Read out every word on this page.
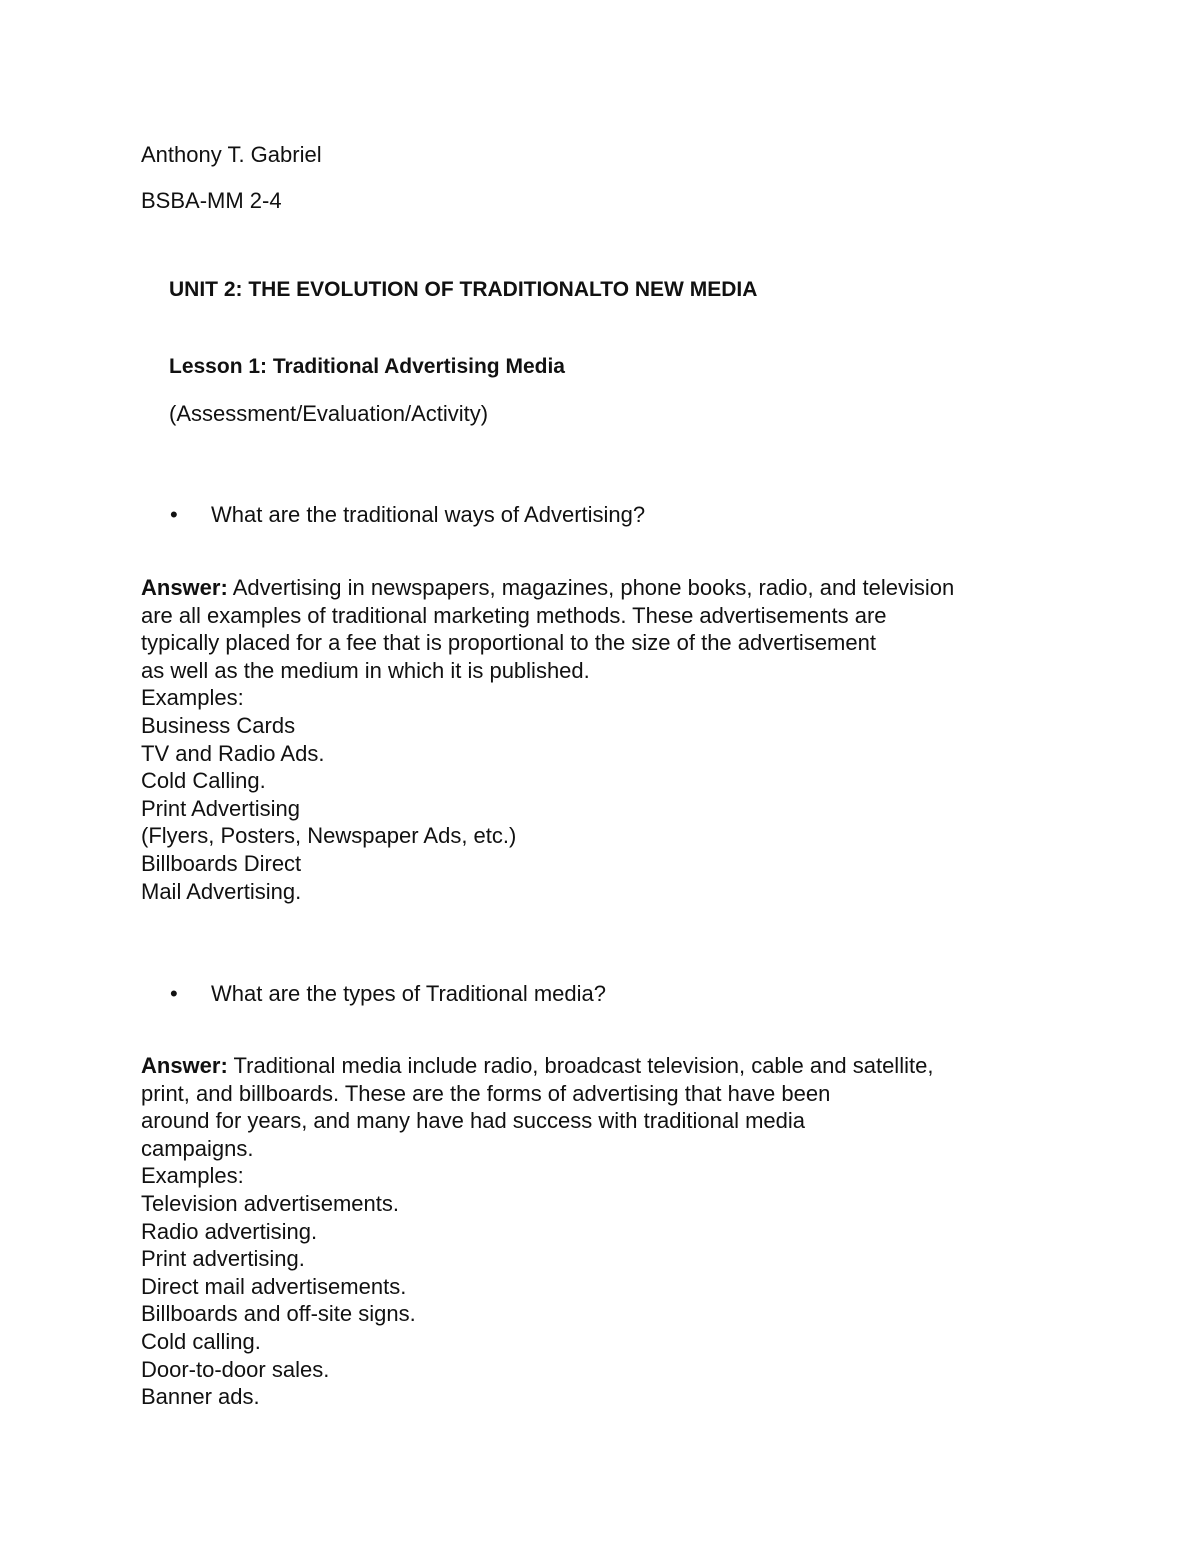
Anthony T. Gabriel
BSBA-MM 2-4
UNIT 2: THE EVOLUTION OF TRADITIONALTO NEW MEDIA
Lesson 1: Traditional Advertising Media
(Assessment/Evaluation/Activity)
• What are the traditional ways of Advertising?
Answer: Advertising in newspapers, magazines, phone books, radio, and television
are all examples of traditional marketing methods. These advertisements are
typically placed for a fee that is proportional to the size of the advertisement
as well as the medium in which it is published.
Examples:
Business Cards
TV and Radio Ads.
Cold Calling.
Print Advertising
(Flyers, Posters, Newspaper Ads, etc.)
Billboards Direct
Mail Advertising.
• What are the types of Traditional media?
Answer: Traditional media include radio, broadcast television, cable and satellite,
print, and billboards. These are the forms of advertising that have been
around for years, and many have had success with traditional media
campaigns.
Examples:
Television advertisements.
Radio advertising.
Print advertising.
Direct mail advertisements.
Billboards and off-site signs.
Cold calling.
Door-to-door sales.
Banner ads.
